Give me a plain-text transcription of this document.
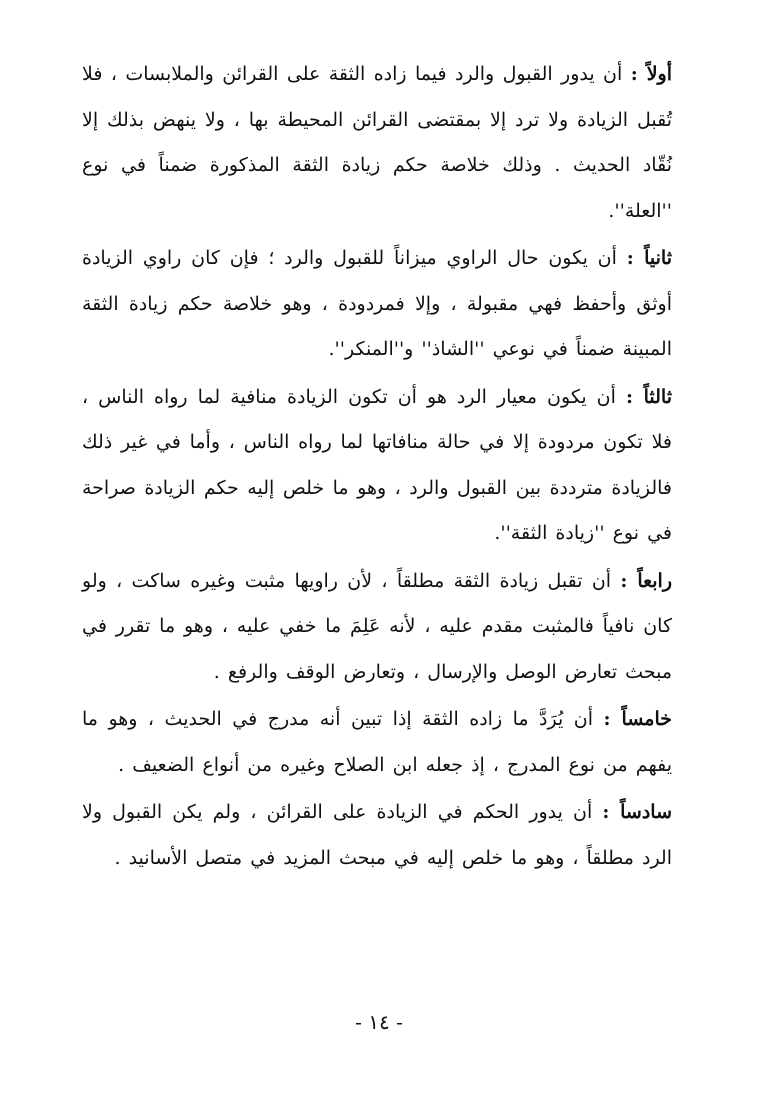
أولاً : أن يدور القبول والرد فيما زاده الثقة على القرائن والملابسات ، فلا تُقبل الزيادة ولا ترد إلا بمقتضى القرائن المحيطة بها ، ولا ينهض بذلك إلا نُقّاد الحديث . وذلك خلاصة حكم زيادة الثقة المذكورة ضمناً في نوع ''العلة''.

ثانياً : أن يكون حال الراوي ميزاناً للقبول والرد ؛ فإن كان راوي الزيادة أوثق وأحفظ فهي مقبولة ، وإلا فمردودة ، وهو خلاصة حكم زيادة الثقة المبينة ضمناً في نوعي ''الشاذ'' و''المنكر''.

ثالثاً : أن يكون معيار الرد هو أن تكون الزيادة منافية لما رواه الناس ، فلا تكون مردودة إلا في حالة منافاتها لما رواه الناس ، وأما في غير ذلك فالزيادة مترددة بين القبول والرد ، وهو ما خلص إليه حكم الزيادة صراحة في نوع ''زيادة الثقة''.

رابعاً : أن تقبل زيادة الثقة مطلقاً ، لأن راويها مثبت وغيره ساكت ، ولو كان نافياً فالمثبت مقدم عليه ، لأنه عَلِمَ ما خفي عليه ، وهو ما تقرر في مبحث تعارض الوصل والإرسال ، وتعارض الوقف والرفع .

خامساً : أن يُرَدَّ ما زاده الثقة إذا تبين أنه مدرج في الحديث ، وهو ما يفهم من نوع المدرج ، إذ جعله ابن الصلاح وغيره من أنواع الضعيف .

سادساً : أن يدور الحكم في الزيادة على القرائن ، ولم يكن القبول ولا الرد مطلقاً ، وهو ما خلص إليه في مبحث المزيد في متصل الأسانيد .

- ١٤ -
